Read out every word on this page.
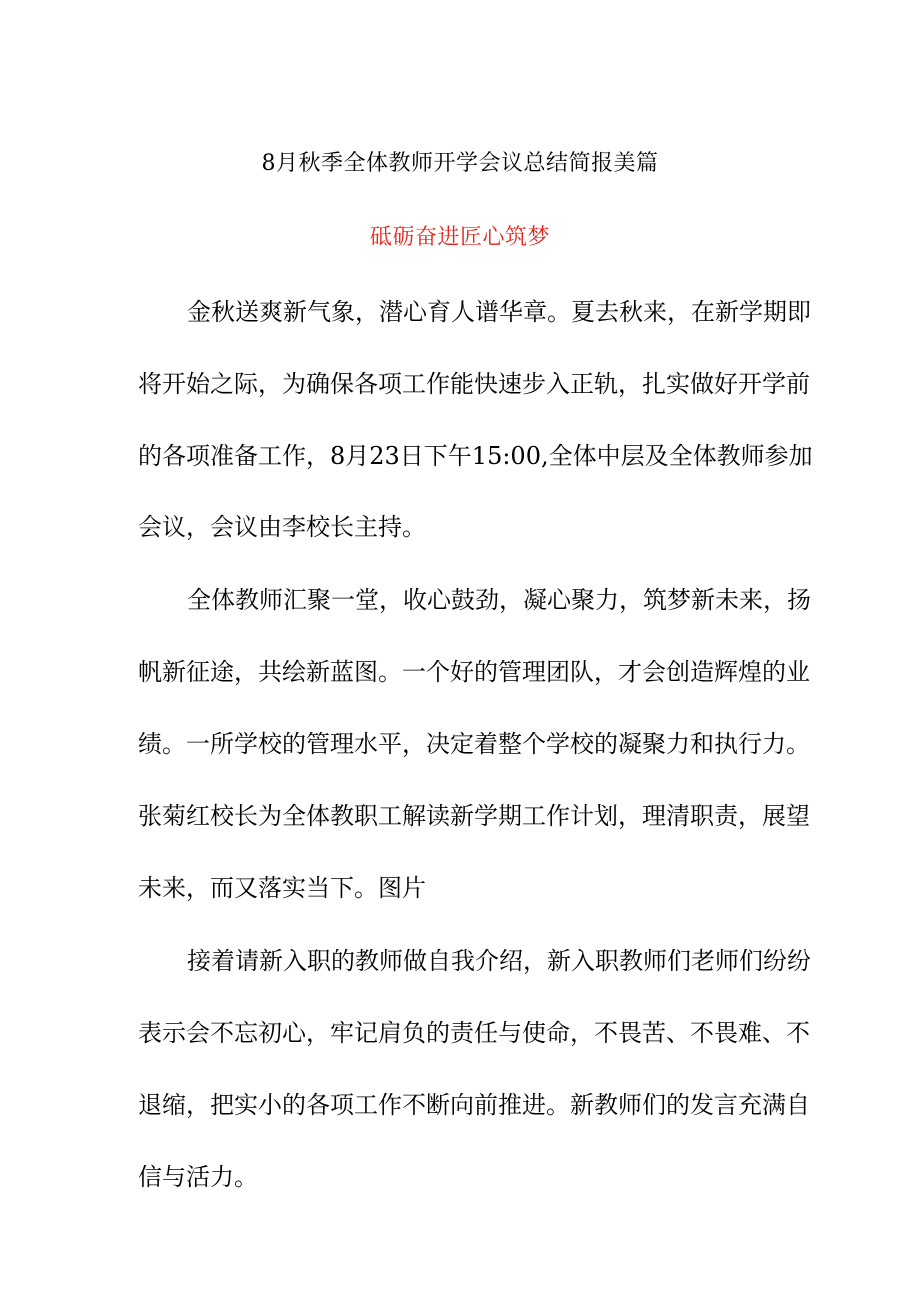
8月秋季全体教师开学会议总结简报美篇
砥砺奋进匠心筑梦
金秋送爽新气象，潜心育人谱华章。夏去秋来，在新学期即
将开始之际，为确保各项工作能快速步入正轨，扎实做好开学前
的各项准备工作，8月23日下午15:00,全体中层及全体教师参加
会议，会议由李校长主持。
全体教师汇聚一堂，收心鼓劲，凝心聚力，筑梦新未来，扬
帆新征途，共绘新蓝图。一个好的管理团队，才会创造辉煌的业
绩。一所学校的管理水平，决定着整个学校的凝聚力和执行力。
张菊红校长为全体教职工解读新学期工作计划，理清职责，展望
未来，而又落实当下。图片
接着请新入职的教师做自我介绍，新入职教师们老师们纷纷
表示会不忘初心，牢记肩负的责任与使命，不畏苦、不畏难、不
退缩，把实小的各项工作不断向前推进。新教师们的发言充满自
信与活力。
